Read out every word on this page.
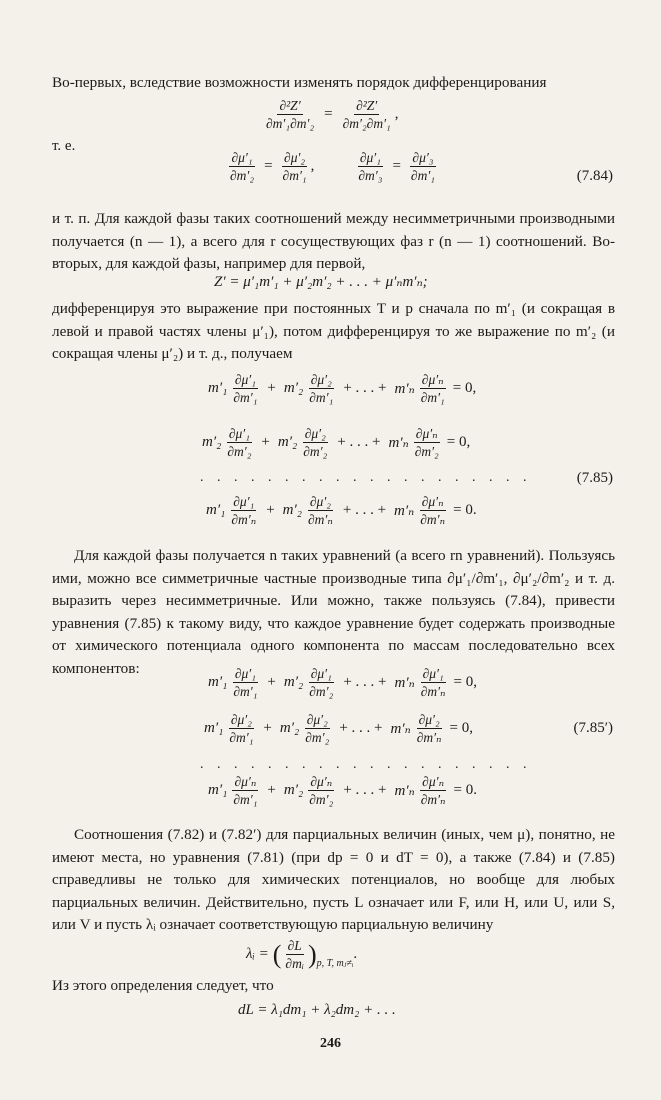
Во-первых, вследствие возможности изменять порядок дифференцирования

$\frac{\text{∂²Z′}}{\text{∂m′₁∂m′₂}} = \frac{\text{∂²Z′}}{\text{∂m′₂∂m′₁}}$ ,
т. е.
$\frac{\text{∂μ′₁}}{\text{∂m′₂}} = \frac{\text{∂μ′₂}}{\text{∂m′₁}}$ ,	$\frac{\text{∂μ′₁}}{\text{∂m′₃}} = \frac{\text{∂μ′₃}}{\text{∂m′₁}}$	(7.84)

и т. п. Для каждой фазы таких соотношений между несимметричными производными получается (n — 1), а всего для r сосуществующих фаз r (n — 1) соотношений. Во-вторых, для каждой фазы, например для первой,

Z′ = μ′₁m′₁ + μ′₂m′₂ + . . . + μ′ₙm′ₙ;

дифференцируя это выражение при постоянных T и p сначала по m′₁ (и сокращая в левой и правой частях члены μ′₁), потом дифференцируя то же выражение по m′₂ (и сокращая члены μ′₂) и т. д., получаем

$m'_1 \frac{\text{∂μ′₁}}{\text{∂m′₁}} + m'_2 \frac{\text{∂μ′₂}}{\text{∂m′₁}}$ + . . . + $m'_n \frac{\text{∂μ′ₙ}}{\text{∂m′₁}} = 0$,
$m'_2 \frac{\text{∂μ′₁}}{\text{∂m′₂}} + m'_2 \frac{\text{∂μ′₂}}{\text{∂m′₂}}$ + . . . + $m'_n \frac{\text{∂μ′ₙ}}{\text{∂m′₂}} = 0$,
. . . . . . . . . . . . . . . . . . . .	(7.85)
$m'_1 \frac{\text{∂μ′₁}}{\text{∂m′ₙ}} + m'_2 \frac{\text{∂μ′₂}}{\text{∂m′ₙ}}$ + . . . + $m'_n \frac{\text{∂μ′ₙ}}{\text{∂m′ₙ}} = 0$.

Для каждой фазы получается n таких уравнений (а всего rn уравнений). Пользуясь ими, можно все симметричные частные производные типа ∂μ′₁/∂m′₁, ∂μ′₂/∂m′₂ и т. д. выразить через несимметричные. Или можно, также пользуясь (7.84), привести уравнения (7.85) к такому виду, что каждое уравнение будет содержать производные от химического потенциала одного компонента по массам последовательно всех компонентов:

$m'_1 \frac{\text{∂μ′₁}}{\text{∂m′₁}} + m'_2 \frac{\text{∂μ′₁}}{\text{∂m′₂}}$ + . . . + $m'_n \frac{\text{∂μ′₁}}{\text{∂m′ₙ}} = 0$,
$m'_1 \frac{\text{∂μ′₂}}{\text{∂m′₁}} + m'_2 \frac{\text{∂μ′₂}}{\text{∂m′₂}}$ + . . . + $m'_n \frac{\text{∂μ′₂}}{\text{∂m′ₙ}} = 0$,	(7.85′)
. . . . . . . . . . . . . . . . . . . .
$m'_1 \frac{\text{∂μ′ₙ}}{\text{∂m′₁}} + m'_2 \frac{\text{∂μ′ₙ}}{\text{∂m′₂}}$ + . . . + $m'_n \frac{\text{∂μ′ₙ}}{\text{∂m′ₙ}} = 0$.

Соотношения (7.82) и (7.82′) для парциальных величин (иных, чем μ), понятно, не имеют места, но уравнения (7.81) (при dp = 0 и dT = 0), а также (7.84) и (7.85) справедливы не только для химических потенциалов, но вообще для любых парциальных величин. Действительно, пусть L означает или F, или H, или U, или S, или V и пусть λᵢ означает соответствующую парциальную величину

λᵢ = ( $\frac{\partial L}{\text{∂mᵢ}}$ ) p, T, mⱼ≠ᵢ
.

Из этого определения следует, что

dL = λ₁dm₁ + λ₂dm₂ + . . .
246
